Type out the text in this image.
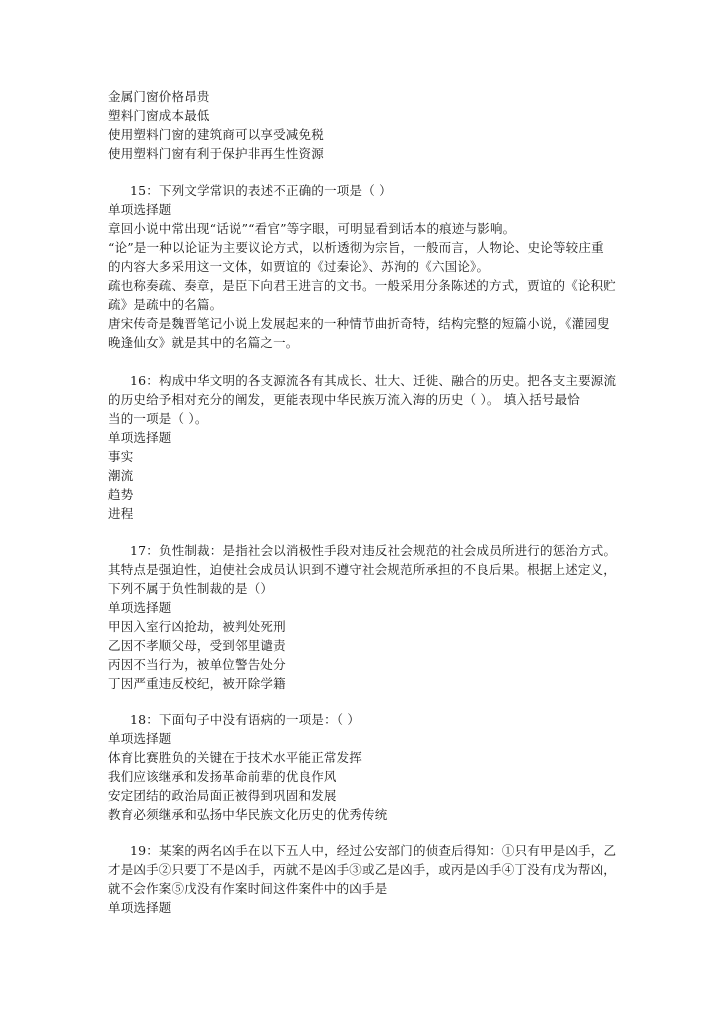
金属门窗价格昂贵
塑料门窗成本最低
使用塑料门窗的建筑商可以享受减免税
使用塑料门窗有利于保护非再生性资源
15：下列文学常识的表述不正确的一项是（ ）
单项选择题
章回小说中常出现“话说”“看官”等字眼，可明显看到话本的痕迹与影响。
“论”是一种以论证为主要议论方式，以析透彻为宗旨，一般而言，人物论、史论等较庄重
的内容大多采用这一文体，如贾谊的《过秦论》、苏洵的《六国论》。
疏也称奏疏、奏章，是臣下向君王进言的文书。一般采用分条陈述的方式，贾谊的《论积贮
疏》是疏中的名篇。
唐宋传奇是魏晋笔记小说上发展起来的一种情节曲折奇特，结构完整的短篇小说，《灌园叟
晚逢仙女》就是其中的名篇之一。
16：构成中华文明的各支源流各有其成长、壮大、迁徙、融合的历史。把各支主要源流
的历史给予相对充分的阐发，更能表现中华民族万流入海的历史（ ）。 填入括号最恰
当的一项是（ ）。
单项选择题
事实
潮流
趋势
进程
17：负性制裁：是指社会以消极性手段对违反社会规范的社会成员所进行的惩治方式。
其特点是强迫性，迫使社会成员认识到不遵守社会规范所承担的不良后果。根据上述定义，
下列不属于负性制裁的是（）
单项选择题
甲因入室行凶抢劫，被判处死刑
乙因不孝顺父母，受到邻里谴责
丙因不当行为，被单位警告处分
丁因严重违反校纪，被开除学籍
18：下面句子中没有语病的一项是：（ ）
单项选择题
体育比赛胜负的关键在于技术水平能正常发挥
我们应该继承和发扬革命前辈的优良作风
安定团结的政治局面正被得到巩固和发展
教育必须继承和弘扬中华民族文化历史的优秀传统
19：某案的两名凶手在以下五人中，经过公安部门的侦查后得知：①只有甲是凶手，乙
才是凶手②只要丁不是凶手，丙就不是凶手③或乙是凶手，或丙是凶手④丁没有戊为帮凶，
就不会作案⑤戊没有作案时间这件案件中的凶手是
单项选择题
